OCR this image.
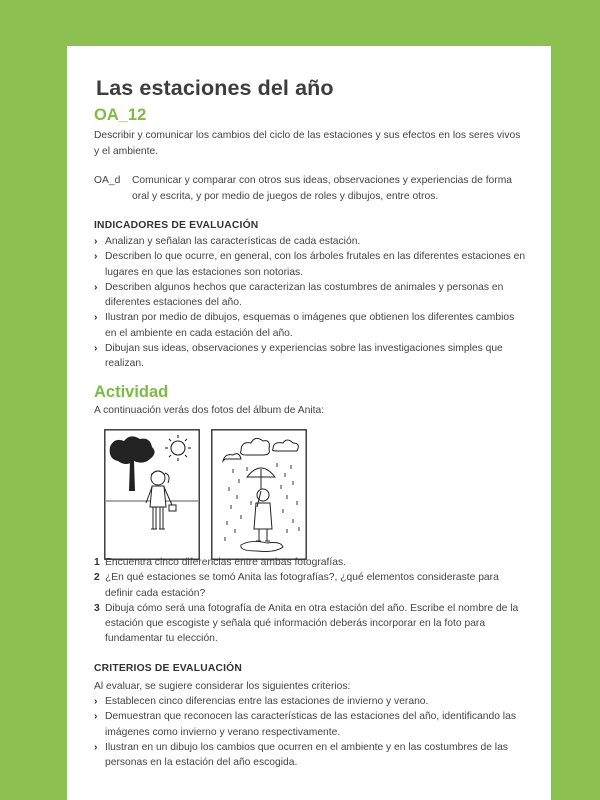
Las estaciones del año
OA_12
Describir y comunicar los cambios del ciclo de las estaciones y sus efectos en los seres vivos y el ambiente.
OA_d	Comunicar y comparar con otros sus ideas, observaciones y experiencias de forma oral y escrita, y por medio de juegos de roles y dibujos, entre otros.
INDICADORES DE EVALUACIÓN
› Analizan y señalan las características de cada estación.
› Describen lo que ocurre, en general, con los árboles frutales en las diferentes estaciones en lugares en que las estaciones son notorias.
› Describen algunos hechos que caracterizan las costumbres de animales y personas en diferentes estaciones del año.
› Ilustran por medio de dibujos, esquemas o imágenes que obtienen los diferentes cambios en el ambiente en cada estación del año.
› Dibujan sus ideas, observaciones y experiencias sobre las investigaciones simples que realizan.
Actividad
A continuación verás dos fotos del álbum de Anita:
1 Encuentra cinco diferencias entre ambas fotografías.
2 ¿En qué estaciones se tomó Anita las fotografías?, ¿qué elementos consideraste para definir cada estación?
3 Dibuja cómo será una fotografía de Anita en otra estación del año. Escribe el nombre de la estación que escogiste y señala qué información deberás incorporar en la foto para fundamentar tu elección.
CRITERIOS DE EVALUACIÓN
Al evaluar, se sugiere considerar los siguientes criterios:
› Establecen cinco diferencias entre las estaciones de invierno y verano.
› Demuestran que reconocen las características de las estaciones del año, identificando las imágenes como invierno y verano respectivamente.
› Ilustran en un dibujo los cambios que ocurren en el ambiente y en las costumbres de las personas en la estación del año escogida.
